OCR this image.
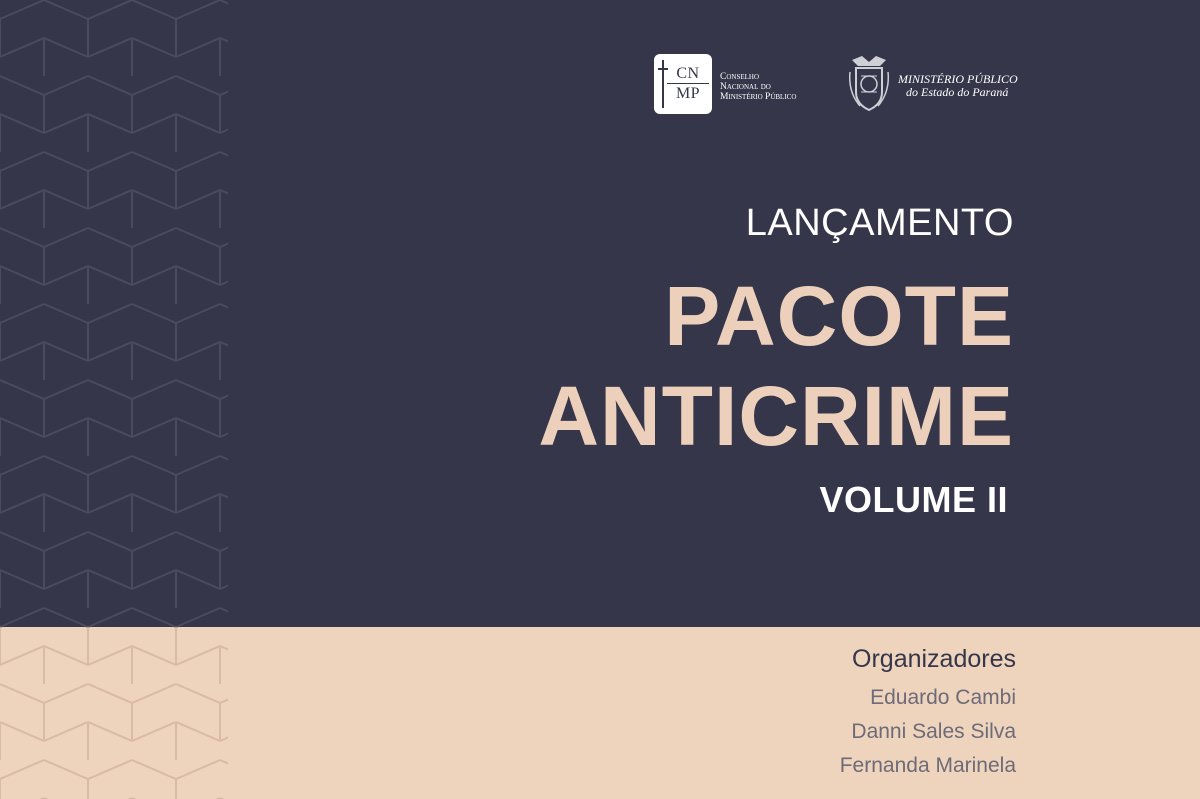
CN
MP
Conselho
Nacional do
Ministério Público
MINISTÉRIO PÚBLICO
do Estado do Paraná
LANÇAMENTO
PACOTE
ANTICRIME
VOLUME II
Organizadores
Eduardo Cambi
Danni Sales Silva
Fernanda Marinela
